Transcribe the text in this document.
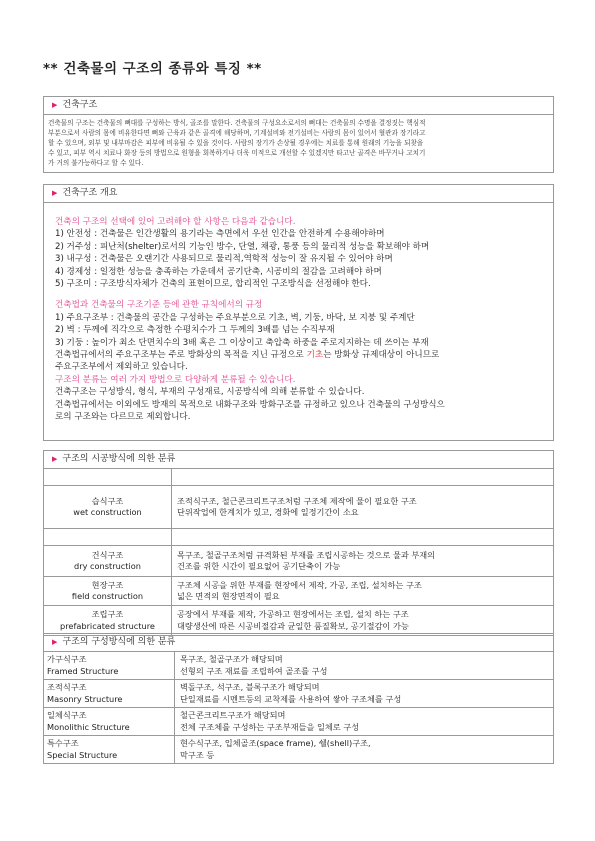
** 건축물의 구조의 종류와 특징 **
▶ 건축구조
건축물의 구조는 건축물의 뼈대를 구성하는 방식, 골조를 말한다. 건축물의 구성요소로서의 뼈대는 건축물의 수명을 결정짓는 핵심적
부분으로서 사람의 몸에 비유한다면 뼈와 근육과 같은 골격에 해당하며, 기계설비와 전기설비는 사람의 몸이 있어서 혈관과 장기라고
할 수 있으며, 외부 및 내부마감은 피부에 비유될 수 있을 것이다. 사람의 장기가 손상될 경우에는 치료를 통해 원래의 기능을 되찾을
수 있고, 피부 역시 치료나 화장 등의 방법으로 원형을 회복하거나 더욱 미적으로 개선할 수 있겠지만 타고난 골격은 바꾸거나 고치기
가 거의 불가능하다고 할 수 있다.
▶ 건축구조 개요
건축의 구조의 선택에 있어 고려해야 할 사항은 다음과 같습니다.
1) 안전성 : 건축물은 인간생활의 용기라는 측면에서 우선 인간을 안전하게 수용해야하며
2) 거주성 : 피난처(shelter)로서의 기능인 방수, 단열, 채광, 통풍 등의 물리적 성능을 확보해야 하며
3) 내구성 : 건축물은 오랜기간 사용되므로 물리적,역학적 성능이 잘 유지될 수 있어야 하며
4) 경제성 : 일정한 성능을 충족하는 가운데서 공기단축, 시공비의 절감을 고려해야 하며
5) 구조미 : 구조방식자체가 건축의 표현이므로, 합리적인 구조방식을 선정해야 한다.
건축법과 건축물의 구조기준 등에 관한 규칙에서의 규정
1) 주요구조부 : 건축물의 공간을 구성하는 주요부분으로 기초, 벽, 기둥, 바닥, 보 지붕 및 주계단
2) 벽 : 두께에 직각으로 측정한 수평치수가 그 두께의 3배를 넘는 수직부재
3) 기둥 : 높이가 최소 단면치수의 3배 혹은 그 이상이고 축압축 하중을 주로지지하는 데 쓰이는 부재
건축법규에서의 주요구조부는 주로 방화상의 목적을 지닌 규정으로 기초는 방화상 규제대상이 아니므로
주요구조부에서 제외하고 있습니다.
구조의 분류는 여러 가지 방법으로 다양하게 분류될 수 있습니다.
건축구조는 구성방식, 형식, 부재의 구성재료, 시공방식에 의해 분류할 수 있습니다.
건축법규에서는 이외에도 방재의 목적으로 내화구조와 방화구조를 규정하고 있으나 건축물의 구성방식으
로의 구조와는 다르므로 제외합니다.
▶ 구조의 시공방식에 의한 분류
습식구조
wet construction
조적식구조, 철근콘크리트구조처럼 구조체 제작에 물이 필요한 구조
단위작업에 한계치가 있고, 경화에 일정기간이 소요
건식구조
dry construction
목구조, 철골구조처럼 규격화된 부재를 조립시공하는 것으로 물과 부재의
건조를 위한 시간이 필요없어 공기단축이 가능
현장구조
field construction
구조체 시공을 위한 부재를 현장에서 제작, 가공, 조립, 설치하는 구조
넓은 면적의 현장면적이 필요
조립구조
prefabricated structure
공장에서 부재를 제작, 가공하고 현장에서는 조립, 설치 하는 구조
대량생산에 따른 시공비절감과 균일한 품질확보, 공기절감이 가능
▶ 구조의 구성방식에 의한 분류
가구식구조
Framed Structure
목구조, 철골구조가 해당되며
선형의 구조 재료를 조립하여 골조를 구성
조적식구조
Masonry Structure
벽돌구조, 석구조, 블록구조가 해당되며
단일재료를 시멘트등의 교착제를 사용하여 쌓아 구조체를 구성
일체식구조
Monolithic Structure
철근콘크리트구조가 해당되며
전체 구조체를 구성하는 구조부재들을 일체로 구성
특수구조
Special Structure
현수식구조, 입체골조(space frame), 쉘(shell)구조,
막구조 등
